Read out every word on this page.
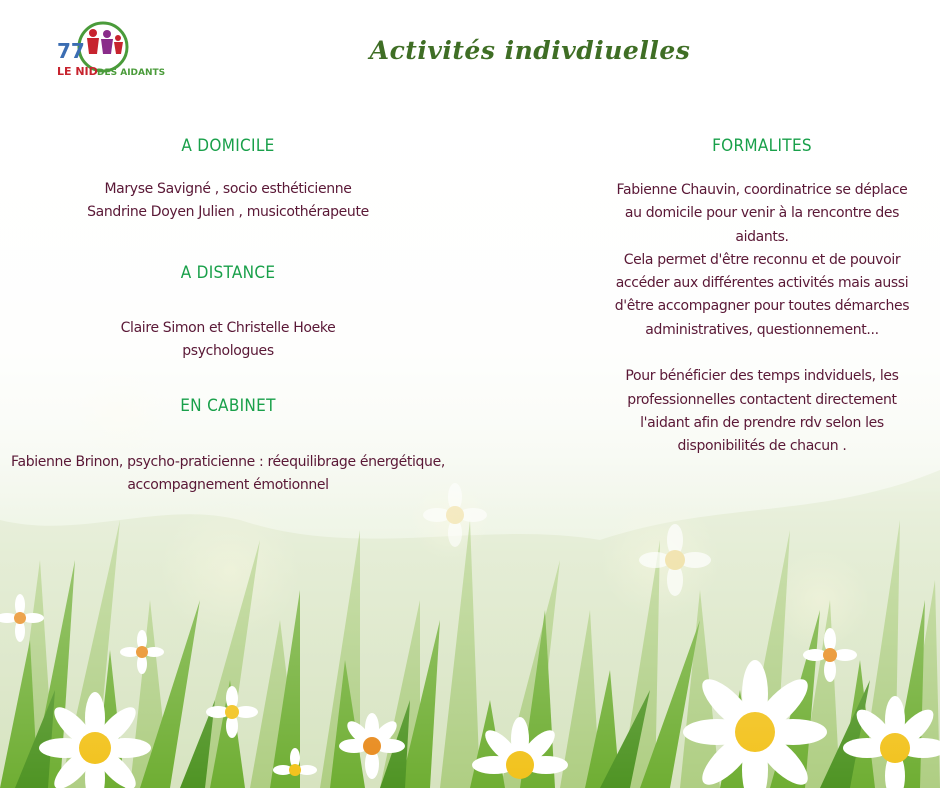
77
LE NID DES AIDANTS
Activités indivdiuelles
A DOMICILE

Maryse Savigné , socio esthéticienne
Sandrine Doyen Julien , musicothérapeute

A DISTANCE

Claire Simon et Christelle Hoeke
psychologues

EN CABINET

Fabienne Brinon, psycho-praticienne : réequilibrage énergétique,
accompagnement émotionnel

FORMALITES

Fabienne Chauvin, coordinatrice se déplace
au domicile pour venir à la rencontre des
aidants.
Cela permet d'être reconnu et de pouvoir
accéder aux différentes activités mais aussi
d'être accompagner pour toutes démarches
administratives, questionnement...
Pour bénéficier des temps indviduels, les
professionnelles contactent directement
l'aidant afin de prendre rdv selon les
disponibilités de chacun .
